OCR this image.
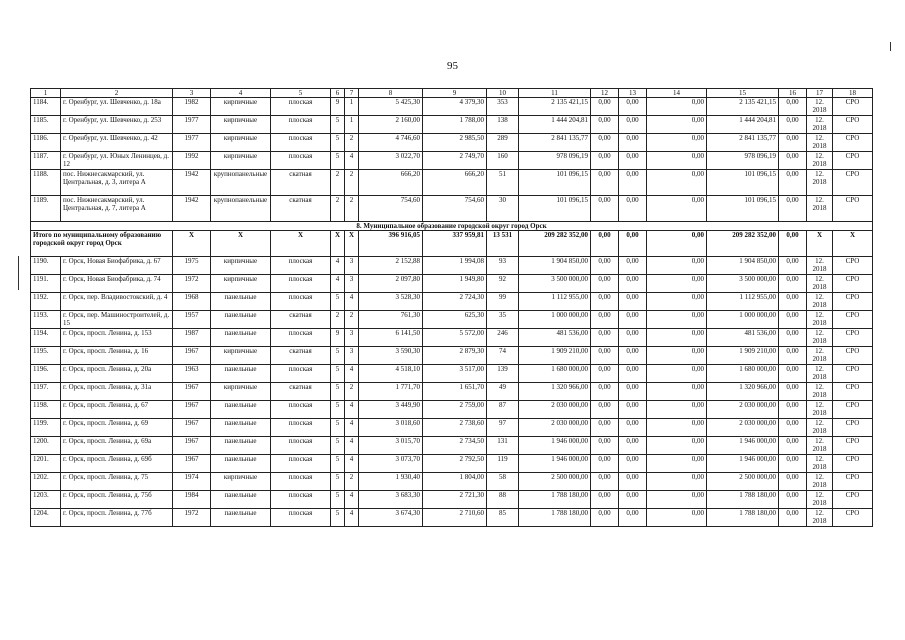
95
1	2	3	4	5	6	7	8	9	10	11	12	13	14	15	16	17	18
1184.	г. Оренбург, ул. Шевченко, д. 18а	1982	кирпичные	плоская	9	1	5 425,30	4 379,30	353	2 135 421,15	0,00	0,00	0,00	2 135 421,15	0,00	12. 2018	СРО
1185.	г. Оренбург, ул. Шевченко, д. 253	1977	кирпичные	плоская	5	1	2 160,00	1 788,00	138	1 444 204,81	0,00	0,00	0,00	1 444 204,81	0,00	12. 2018	СРО
1186.	г. Оренбург, ул. Шевченко, д. 42	1977	кирпичные	плоская	5	2	4 746,60	2 985,50	289	2 841 135,77	0,00	0,00	0,00	2 841 135,77	0,00	12. 2018	СРО
1187.	г. Оренбург, ул. Юных Ленинцев, д. 12	1992	кирпичные	плоская	5	4	3 022,70	2 749,70	160	978 096,19	0,00	0,00	0,00	978 096,19	0,00	12. 2018	СРО
1188.	пос. Нижнесакмарский, ул. Центральная, д. 3, литера А	1942	крупнопанельные	скатная	2	2	666,20	666,20	51	101 096,15	0,00	0,00	0,00	101 096,15	0,00	12. 2018	СРО
1189.	пос. Нижнесакмарский, ул. Центральная, д. 7, литера А	1942	крупнопанельные	скатная	2	2	754,60	754,60	30	101 096,15	0,00	0,00	0,00	101 096,15	0,00	12. 2018	СРО
8. Муниципальное образование городской округ город Орск																	
Итого по муниципальному образованию городской округ город Орск		X	X	X	X	X	396 916,05	337 959,81	13 531	209 282 352,00	0,00	0,00	0,00	209 282 352,00	0,00	X	X
1190.	г. Орск, Новая Биофабрика, д. 67	1975	кирпичные	плоская	4	3	2 152,88	1 994,08	93	1 904 850,00	0,00	0,00	0,00	1 904 850,00	0,00	12. 2018	СРО
1191.	г. Орск, Новая Биофабрика, д. 74	1972	кирпичные	плоская	4	3	2 097,80	1 949,80	92	3 500 000,00	0,00	0,00	0,00	3 500 000,00	0,00	12. 2018	СРО
1192.	г. Орск, пер. Владивостокский, д. 4	1968	панельные	плоская	5	4	3 528,30	2 724,30	99	1 112 955,00	0,00	0,00	0,00	1 112 955,00	0,00	12. 2018	СРО
1193.	г. Орск, пер. Машиностроителей, д. 15	1957	панельные	скатная	2	2	761,30	625,30	35	1 000 000,00	0,00	0,00	0,00	1 000 000,00	0,00	12. 2018	СРО
1194.	г. Орск, просп. Ленина, д. 153	1987	панельные	плоская	9	3	6 141,50	5 572,00	246	481 536,00	0,00	0,00	0,00	481 536,00	0,00	12. 2018	СРО
1195.	г. Орск, просп. Ленина, д. 16	1967	кирпичные	скатная	5	3	3 590,30	2 879,30	74	1 909 210,00	0,00	0,00	0,00	1 909 210,00	0,00	12. 2018	СРО
1196.	г. Орск, просп. Ленина, д. 20а	1963	панельные	плоская	5	4	4 518,10	3 517,00	139	1 680 000,00	0,00	0,00	0,00	1 680 000,00	0,00	12. 2018	СРО
1197.	г. Орск, просп. Ленина, д. 31а	1967	кирпичные	скатная	5	2	1 771,70	1 651,70	49	1 320 966,00	0,00	0,00	0,00	1 320 966,00	0,00	12. 2018	СРО
1198.	г. Орск, просп. Ленина, д. 67	1967	панельные	плоская	5	4	3 449,90	2 759,00	87	2 030 000,00	0,00	0,00	0,00	2 030 000,00	0,00	12. 2018	СРО
1199.	г. Орск, просп. Ленина, д. 69	1967	панельные	плоская	5	4	3 018,60	2 738,60	97	2 030 000,00	0,00	0,00	0,00	2 030 000,00	0,00	12. 2018	СРО
1200.	г. Орск, просп. Ленина, д. 69а	1967	панельные	плоская	5	4	3 015,70	2 734,50	131	1 946 000,00	0,00	0,00	0,00	1 946 000,00	0,00	12. 2018	СРО
1201.	г. Орск, просп. Ленина, д. 69б	1967	панельные	плоская	5	4	3 073,70	2 792,50	119	1 946 000,00	0,00	0,00	0,00	1 946 000,00	0,00	12. 2018	СРО
1202.	г. Орск, просп. Ленина, д. 75	1974	кирпичные	плоская	5	2	1 930,40	1 804,00	58	2 500 000,00	0,00	0,00	0,00	2 500 000,00	0,00	12. 2018	СРО
1203.	г. Орск, просп. Ленина, д. 75б	1984	панельные	плоская	5	4	3 683,30	2 721,30	88	1 788 180,00	0,00	0,00	0,00	1 788 180,00	0,00	12. 2018	СРО
1204.	г. Орск, просп. Ленина, д. 77б	1972	панельные	плоская	5	4	3 674,30	2 710,60	85	1 788 180,00	0,00	0,00	0,00	1 788 180,00	0,00	12. 2018	СРО
